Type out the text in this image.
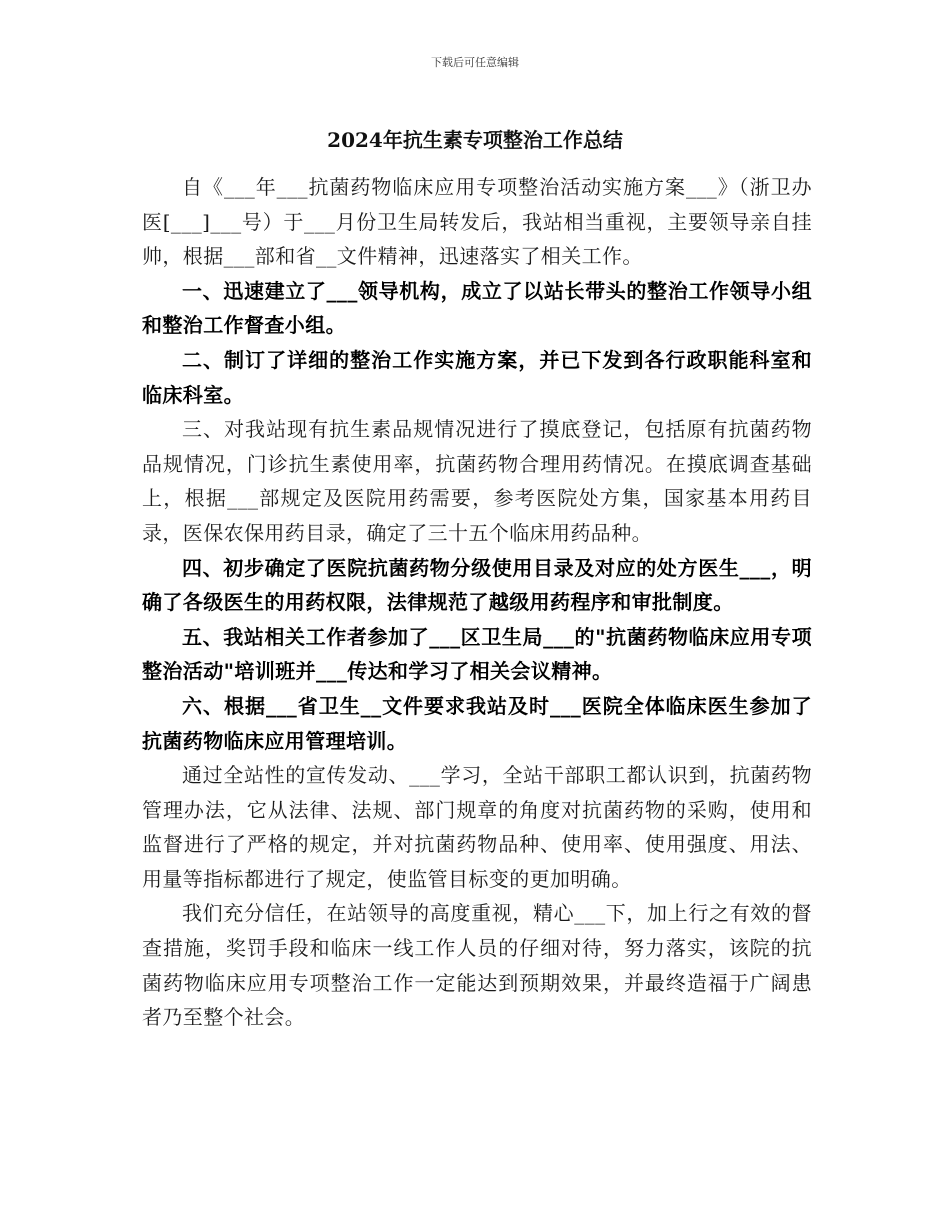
下载后可任意编辑
2024年抗生素专项整治工作总结

自《___年___抗菌药物临床应用专项整治活动实施方案___》（浙卫办医[___]___号）于___月份卫生局转发后，我站相当重视，主要领导亲自挂帅，根据___部和省__文件精神，迅速落实了相关工作。

一、迅速建立了___领导机构，成立了以站长带头的整治工作领导小组和整治工作督查小组。

二、制订了详细的整治工作实施方案，并已下发到各行政职能科室和临床科室。

三、对我站现有抗生素品规情况进行了摸底登记，包括原有抗菌药物品规情况，门诊抗生素使用率，抗菌药物合理用药情况。在摸底调查基础上，根据___部规定及医院用药需要，参考医院处方集，国家基本用药目录，医保农保用药目录，确定了三十五个临床用药品种。

四、初步确定了医院抗菌药物分级使用目录及对应的处方医生___，明确了各级医生的用药权限，法律规范了越级用药程序和审批制度。

五、我站相关工作者参加了___区卫生局___的"抗菌药物临床应用专项整治活动"培训班并___传达和学习了相关会议精神。

六、根据___省卫生__文件要求我站及时___医院全体临床医生参加了抗菌药物临床应用管理培训。

通过全站性的宣传发动、___学习，全站干部职工都认识到，抗菌药物管理办法，它从法律、法规、部门规章的角度对抗菌药物的采购，使用和监督进行了严格的规定，并对抗菌药物品种、使用率、使用强度、用法、用量等指标都进行了规定，使监管目标变的更加明确。

我们充分信任，在站领导的高度重视，精心___下，加上行之有效的督查措施，奖罚手段和临床一线工作人员的仔细对待，努力落实，该院的抗菌药物临床应用专项整治工作一定能达到预期效果，并最终造福于广阔患者乃至整个社会。
